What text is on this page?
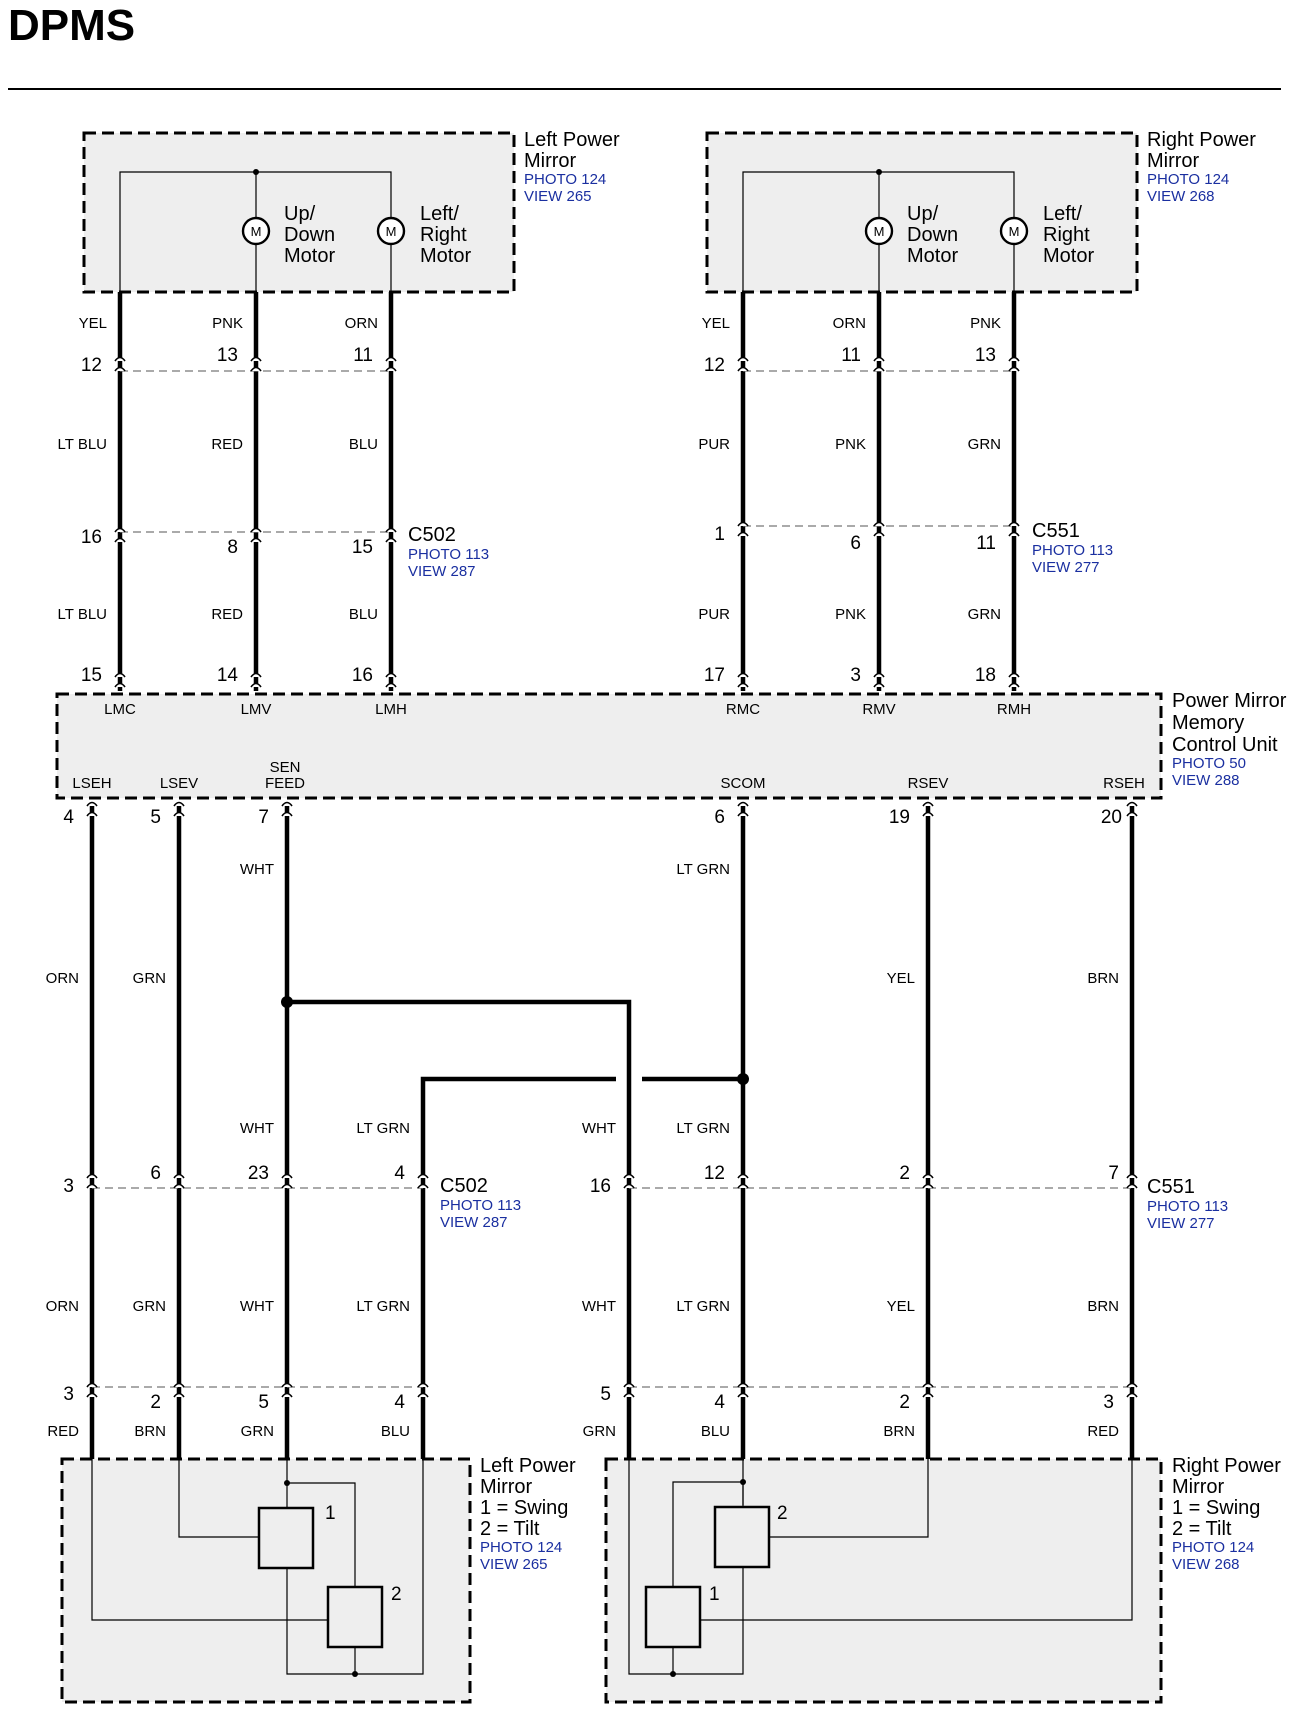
DPMS
M	M
Up/ Down Motor
Left/ Right Motor
Left Power Mirror
PHOTO 124 VIEW 265
M	M
Up/ Down Motor
Left/ Right Motor
Right Power Mirror
PHOTO 124 VIEW 268
YEL	PNK	ORN	YEL	ORN	PNK
LT BLU	RED	BLU	PUR	PNK	GRN
LT BLU	RED	BLU	PUR	PNK	GRN
12	13	11	12	11	13
16	8	15
1	6	11
15	14	16	17	3	18
C502
PHOTO 113 VIEW 287
C551
PHOTO 113 VIEW 277
LMC	LMV	LMH	RMC	RMV	RMH
LSEH	LSEV
SEN FEED	SCOM	RSEV	RSEH
Power Mirror Memory Control Unit
PHOTO 50 VIEW 288
4	5	7	6	19	20
ORN	GRN
WHT	LT GRN
YEL	BRN
WHT	LT GRN	WHT	LT GRN
ORN	GRN	WHT	LT GRN	WHT	LT GRN	YEL	BRN
RED	BRN	GRN	BLU	GRN	BLU	BRN	RED
3
6	23	4
16
12	2	7
3	2	5	4	5	4	2	3
C502
PHOTO 113 VIEW 287
C551
PHOTO 113 VIEW 277
1
2
Left Power Mirror 1 = Swing 2 = Tilt
PHOTO 124 VIEW 265
2
1
Right Power Mirror 1 = Swing 2 = Tilt
PHOTO 124 VIEW 268
